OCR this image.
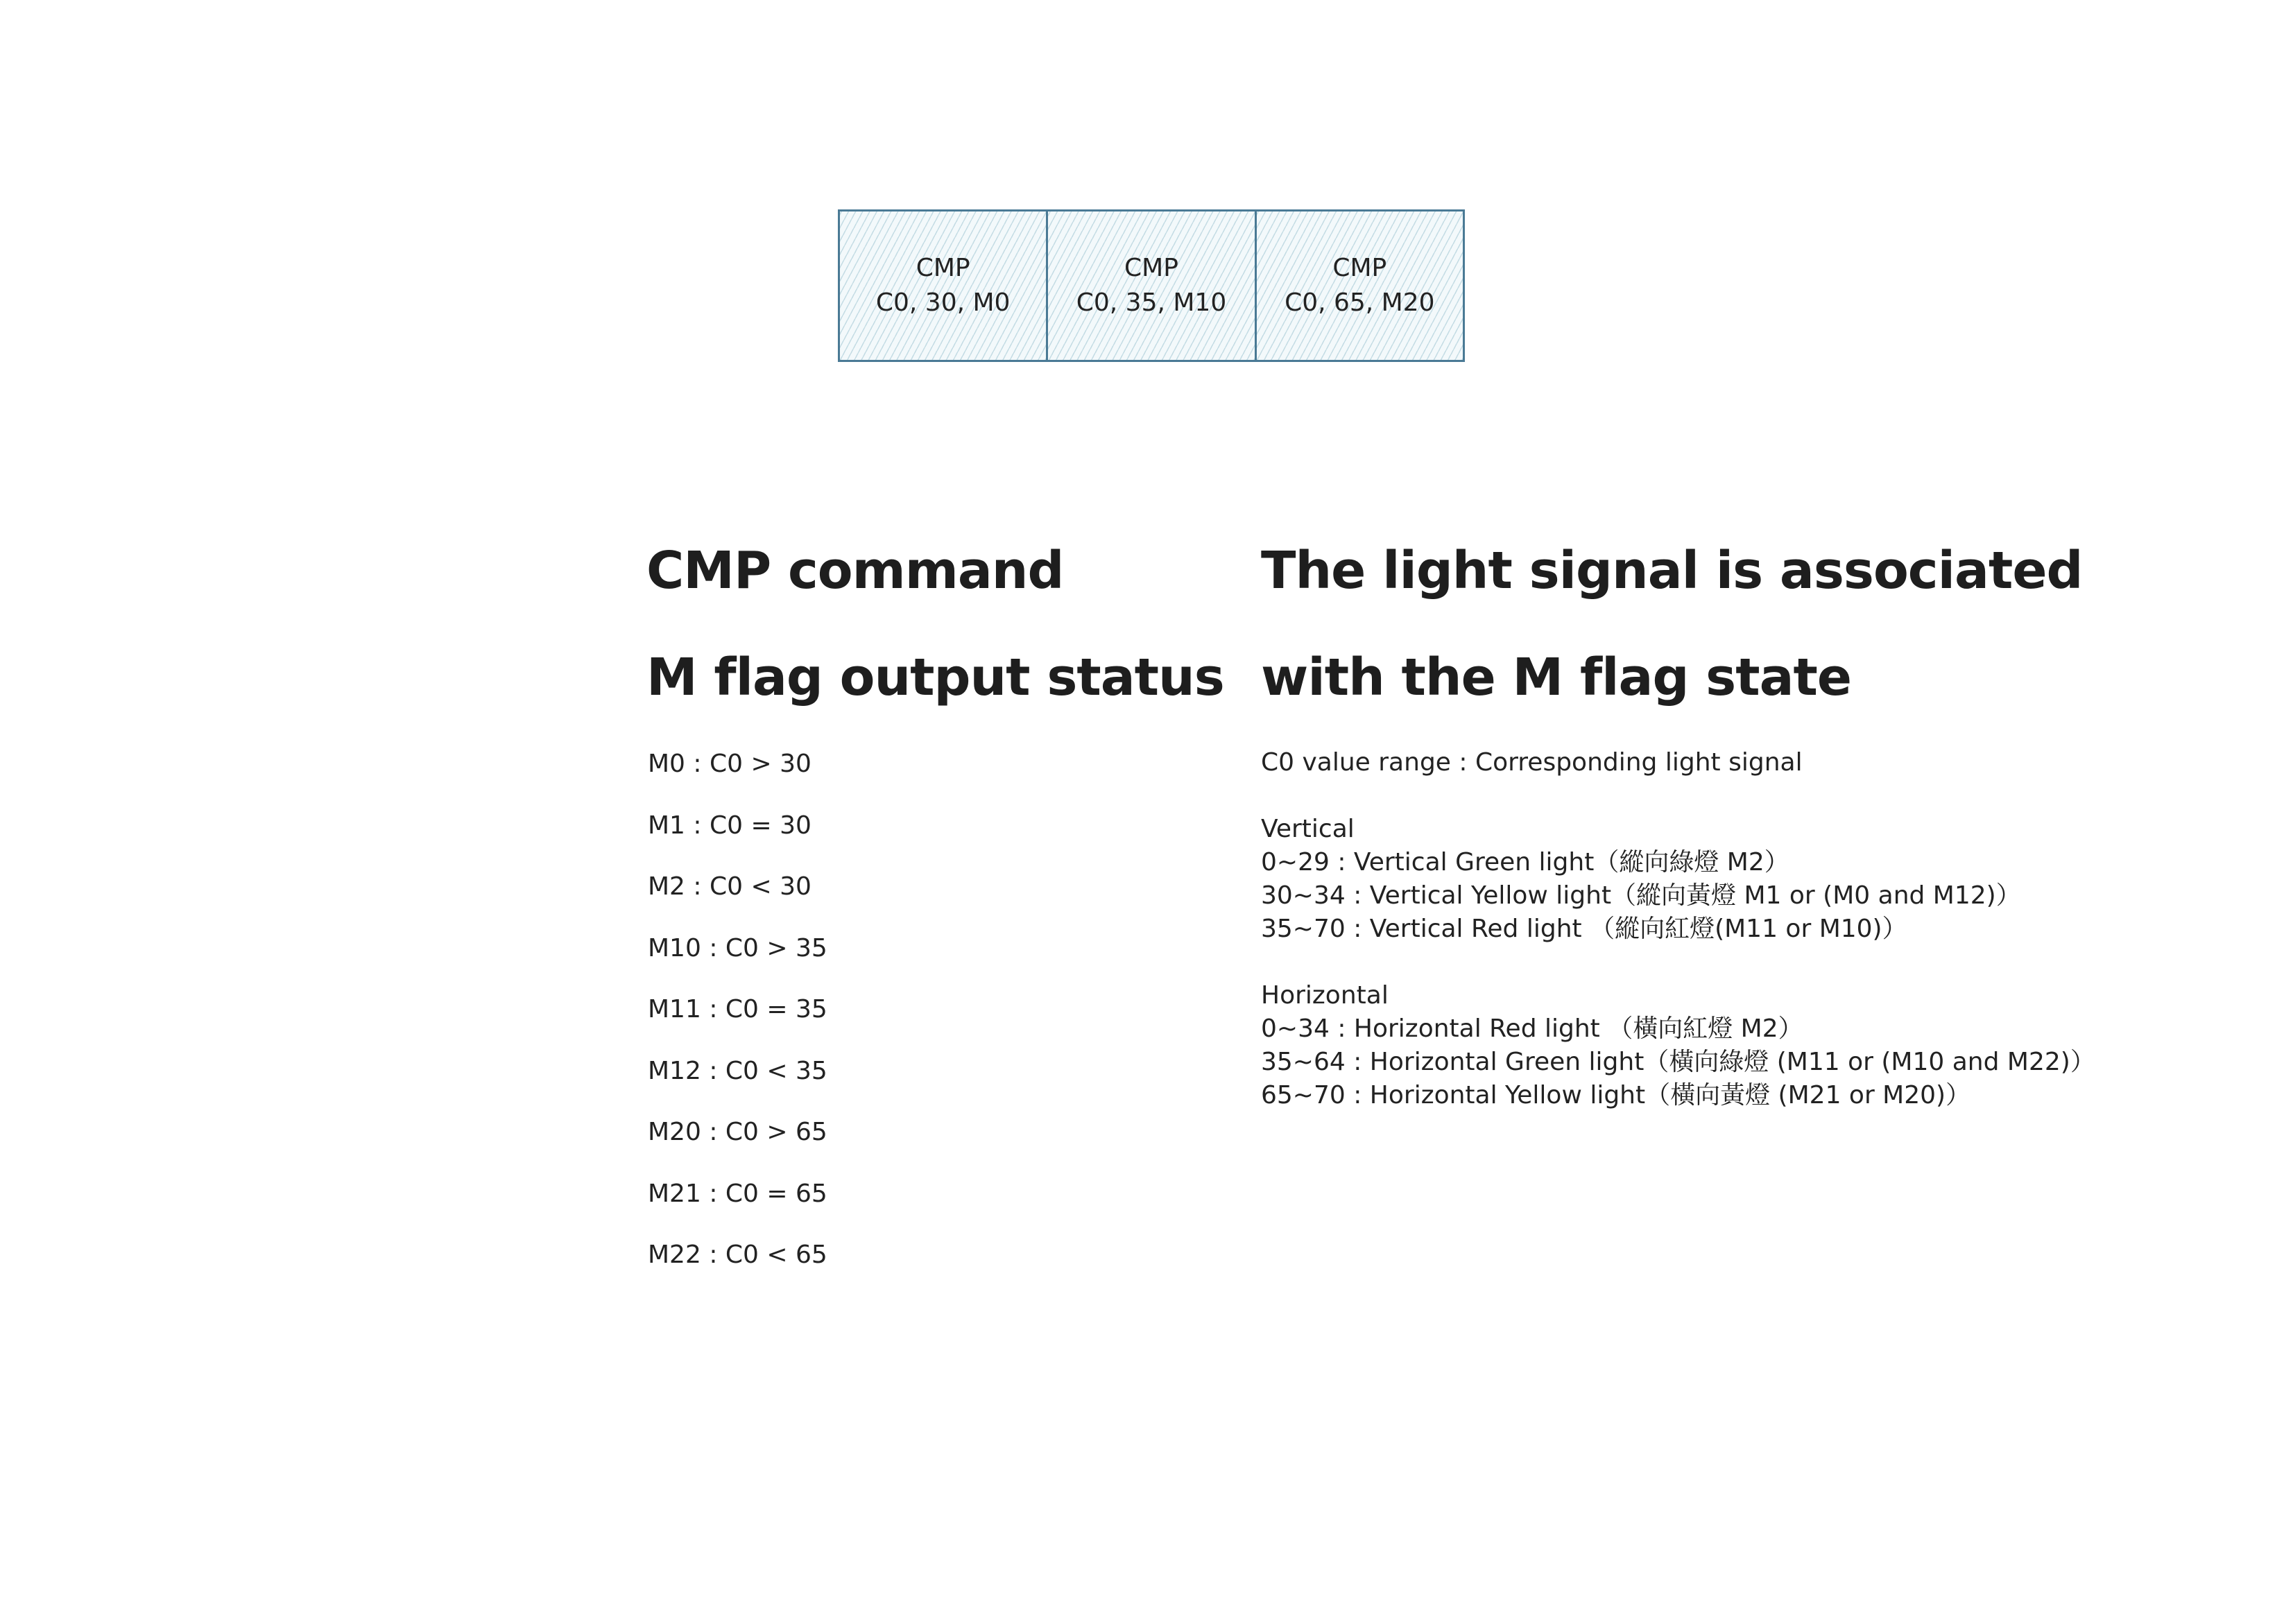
CMP
C0, 30, M0
CMP
C0, 35, M10
CMP
C0, 65, M20
CMP command
M flag output status
M0 : C0 > 30
M1 : C0 = 30
M2 : C0 < 30
M10 : C0 > 35
M11 : C0 = 35
M12 : C0 < 35
M20 : C0 > 65
M21 : C0 = 65
M22 : C0 < 65
The light signal is associated
with the M flag state
C0 value range : Corresponding light signal
Vertical
0~29 : Vertical Green light（縱向綠燈 M2）
30~34 : Vertical Yellow light（縱向黃燈 M1 or (M0 and M12)）
35~70 : Vertical Red light （縱向紅燈(M11 or M10)）
Horizontal
0~34 : Horizontal Red light （橫向紅燈 M2）
35~64 : Horizontal Green light（橫向綠燈 (M11 or (M10 and M22)）
65~70 : Horizontal Yellow light（橫向黃燈 (M21 or M20)）
